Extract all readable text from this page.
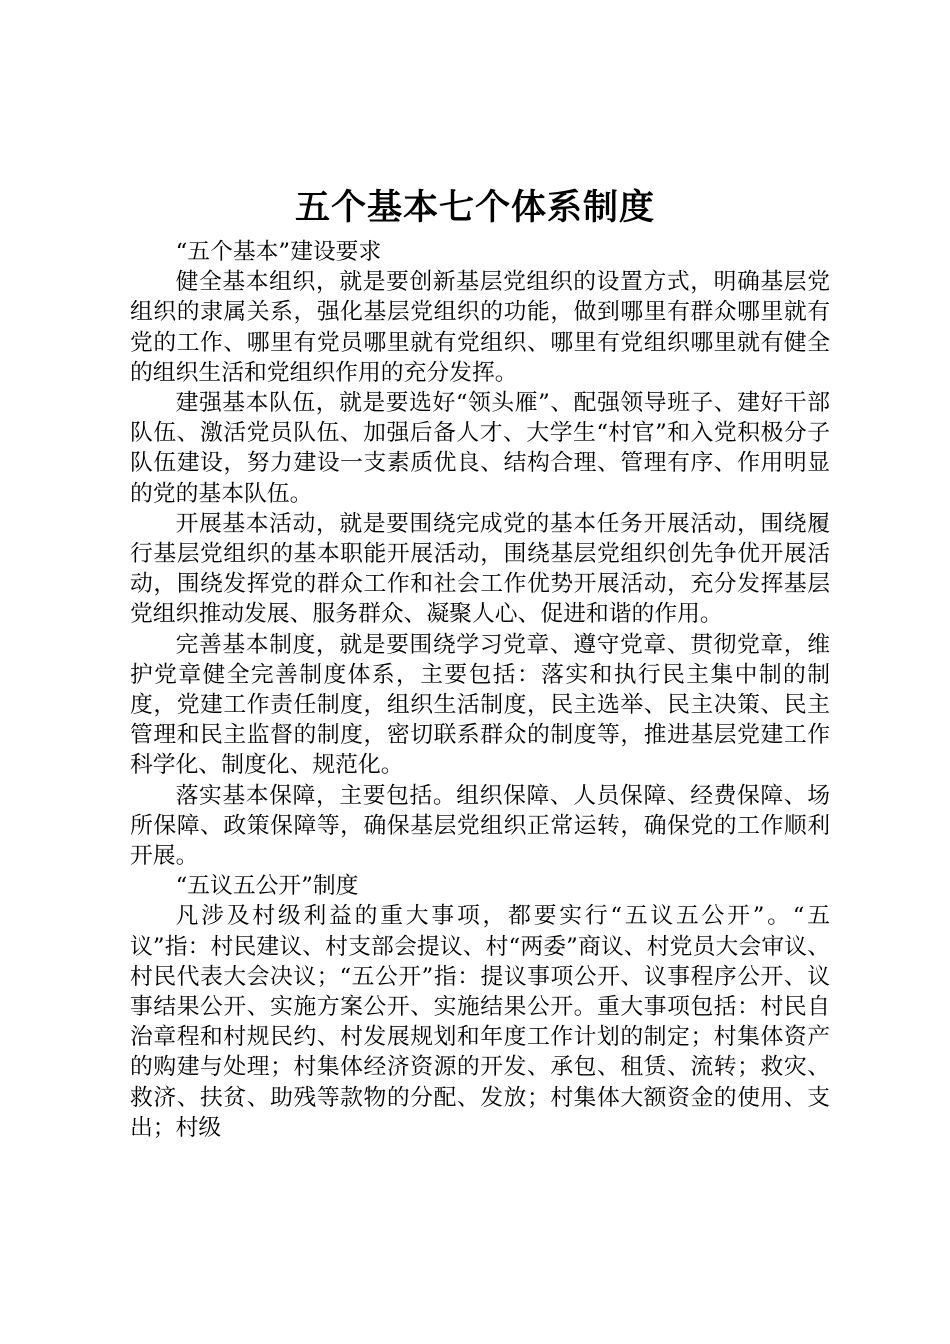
五个基本七个体系制度

“五个基本”建设要求

健全基本组织，就是要创新基层党组织的设置方式，明确基层党组织的隶属关系，强化基层党组织的功能，做到哪里有群众哪里就有党的工作、哪里有党员哪里就有党组织、哪里有党组织哪里就有健全的组织生活和党组织作用的充分发挥。

建强基本队伍，就是要选好“领头雁”、配强领导班子、建好干部队伍、激活党员队伍、加强后备人才、大学生“村官”和入党积极分子队伍建设，努力建设一支素质优良、结构合理、管理有序、作用明显的党的基本队伍。

开展基本活动，就是要围绕完成党的基本任务开展活动，围绕履行基层党组织的基本职能开展活动，围绕基层党组织创先争优开展活动，围绕发挥党的群众工作和社会工作优势开展活动，充分发挥基层党组织推动发展、服务群众、凝聚人心、促进和谐的作用。

完善基本制度，就是要围绕学习党章、遵守党章、贯彻党章，维护党章健全完善制度体系，主要包括：落实和执行民主集中制的制度，党建工作责任制度，组织生活制度，民主选举、民主决策、民主管理和民主监督的制度，密切联系群众的制度等，推进基层党建工作科学化、制度化、规范化。

落实基本保障，主要包括。组织保障、人员保障、经费保障、场所保障、政策保障等，确保基层党组织正常运转，确保党的工作顺利开展。

“五议五公开”制度

凡涉及村级利益的重大事项，都要实行“五议五公开”。“五议”指：村民建议、村支部会提议、村“两委”商议、村党员大会审议、村民代表大会决议；“五公开”指：提议事项公开、议事程序公开、议事结果公开、实施方案公开、实施结果公开。重大事项包括：村民自治章程和村规民约、村发展规划和年度工作计划的制定；村集体资产的购建与处理；村集体经济资源的开发、承包、租赁、流转；救灾、救济、扶贫、助残等款物的分配、发放；村集体大额资金的使用、支出；村级
